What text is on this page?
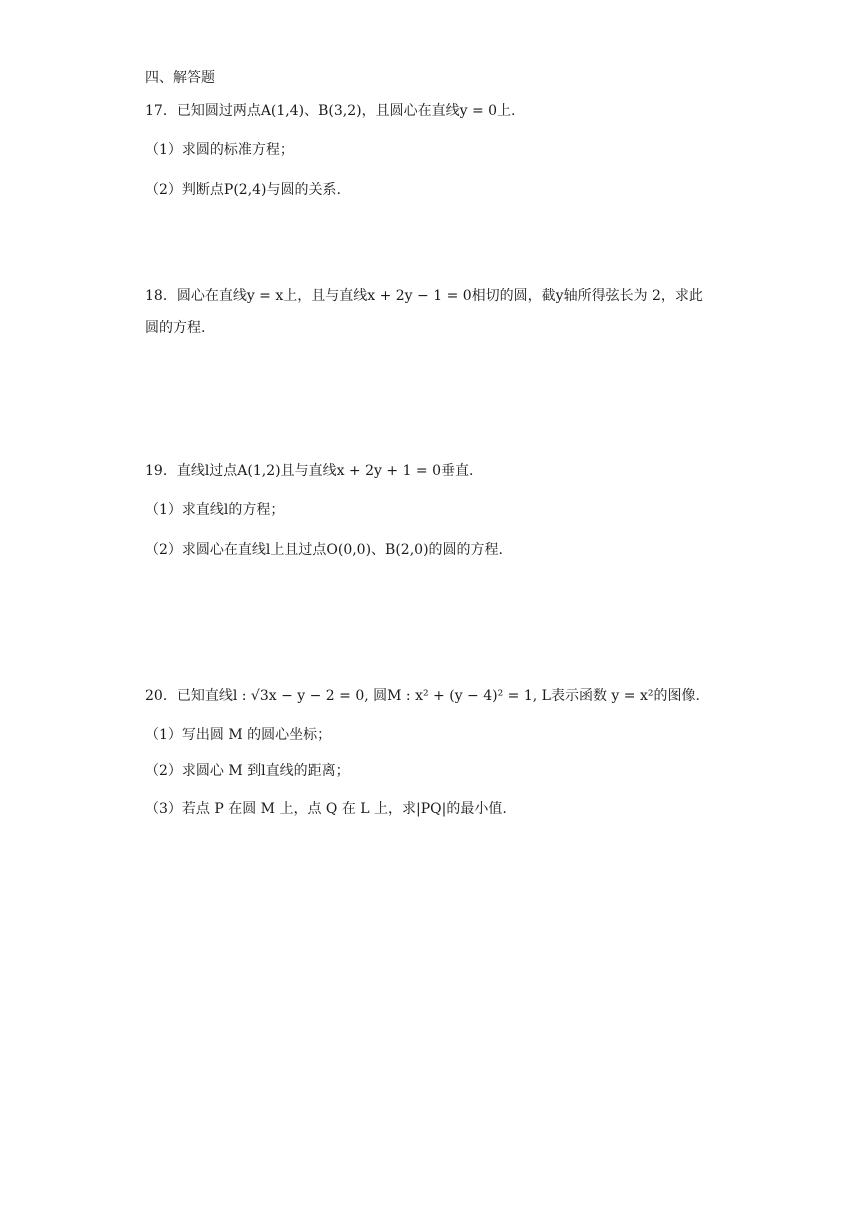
四、解答题
17．已知圆过两点A(1,4)、B(3,2)，且圆心在直线y = 0上.
（1）求圆的标准方程；
（2）判断点P(2,4)与圆的关系.
18．圆心在直线y = x上，且与直线x + 2y − 1 = 0相切的圆，截y轴所得弦长为 2，求此
圆的方程.
19．直线l过点A(1,2)且与直线x + 2y + 1 = 0垂直.
（1）求直线l的方程；
（2）求圆心在直线l上且过点O(0,0)、B(2,0)的圆的方程.
20．已知直线l : √3x − y − 2 = 0, 圆M : x² + (y − 4)² = 1, L表示函数 y = x²的图像.
（1）写出圆 M 的圆心坐标；
（2）求圆心 M 到l直线的距离；
（3）若点 P 在圆 M 上，点 Q 在 L 上，求|PQ|的最小值.
